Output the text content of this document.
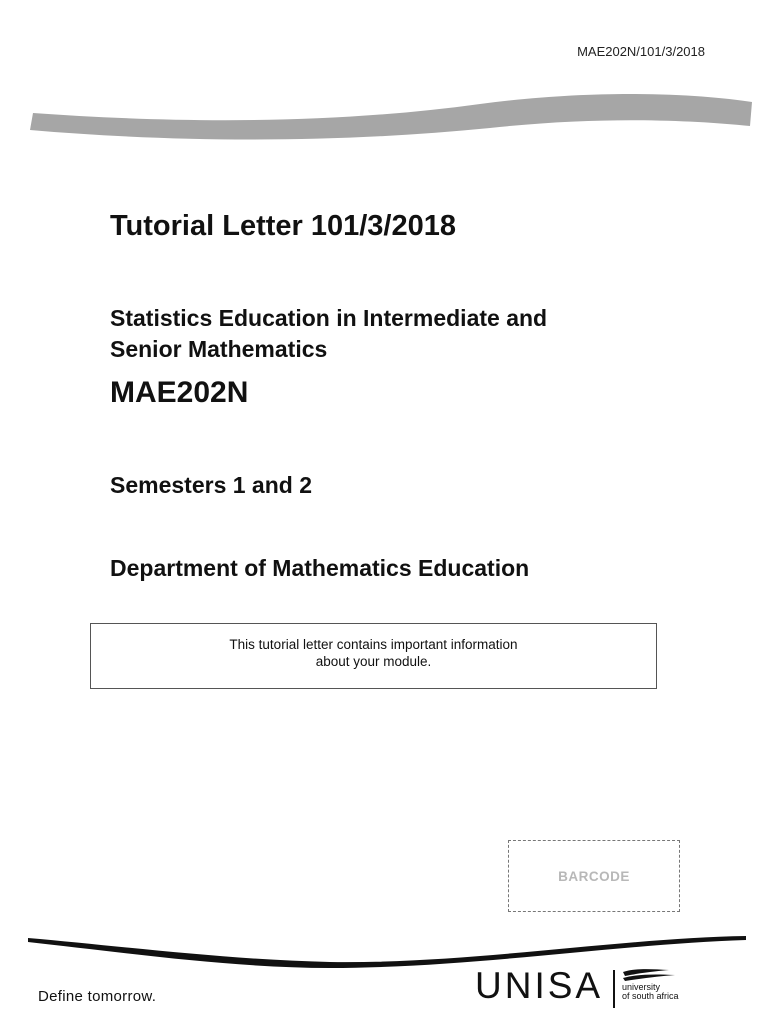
MAE202N/101/3/2018
Tutorial Letter 101/3/2018
Statistics Education in Intermediate and
Senior Mathematics
MAE202N
Semesters 1 and 2
Department of Mathematics Education
This tutorial letter contains important information
about your module.
BARCODE
Define tomorrow.	UNISA university
of south africa
